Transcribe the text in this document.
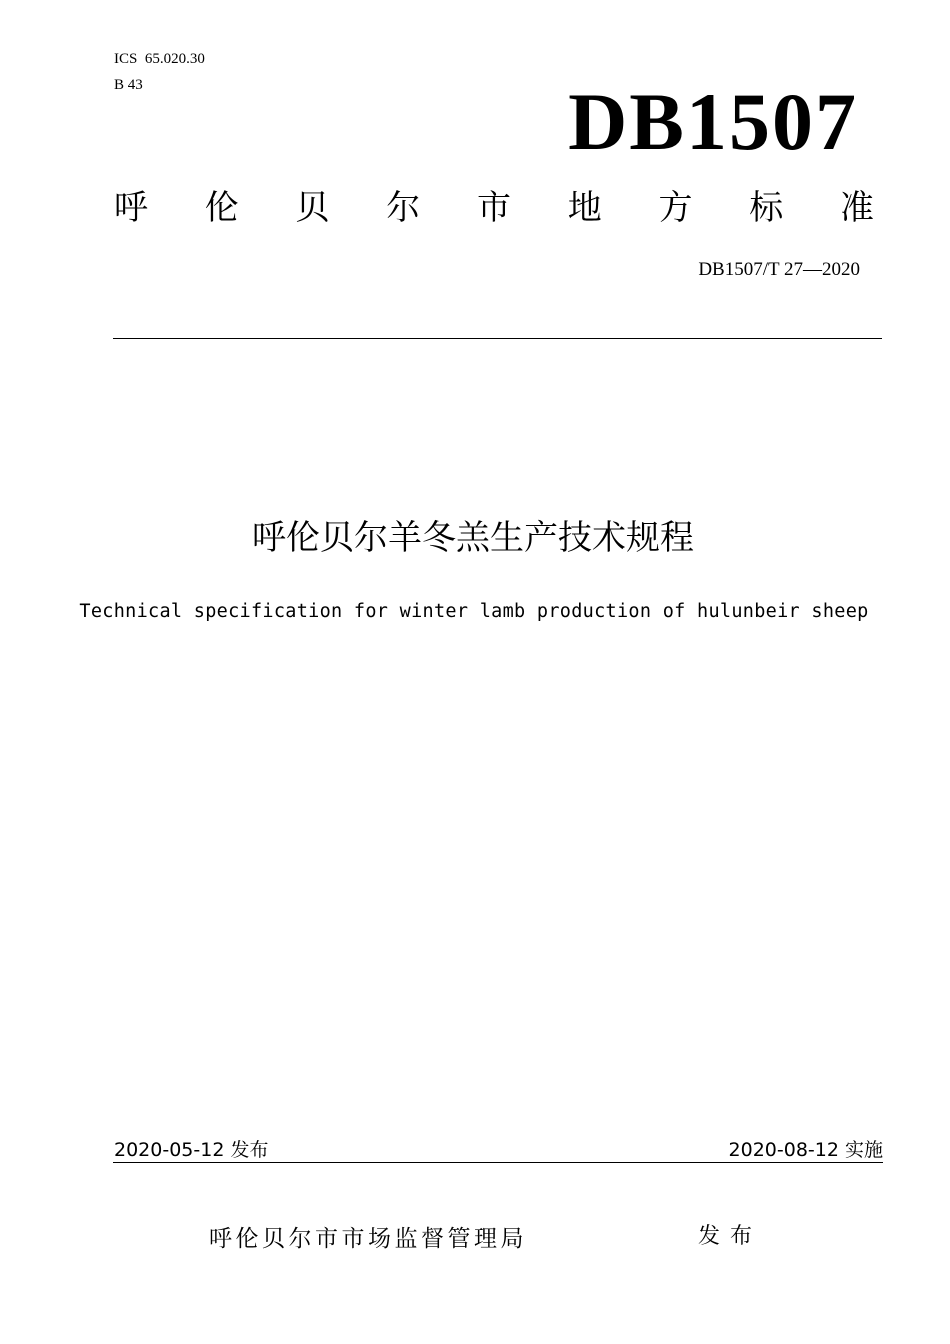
ICS  65.020.30
B 43	DB1507
呼 伦 贝 尔 市 地 方 标 准
DB1507/T 27—2020
呼伦贝尔羊冬羔生产技术规程
Technical specification for winter lamb production of hulunbeir sheep
2020-05-12 发布	2020-08-12 实施
呼伦贝尔市市场监督管理局	发布
